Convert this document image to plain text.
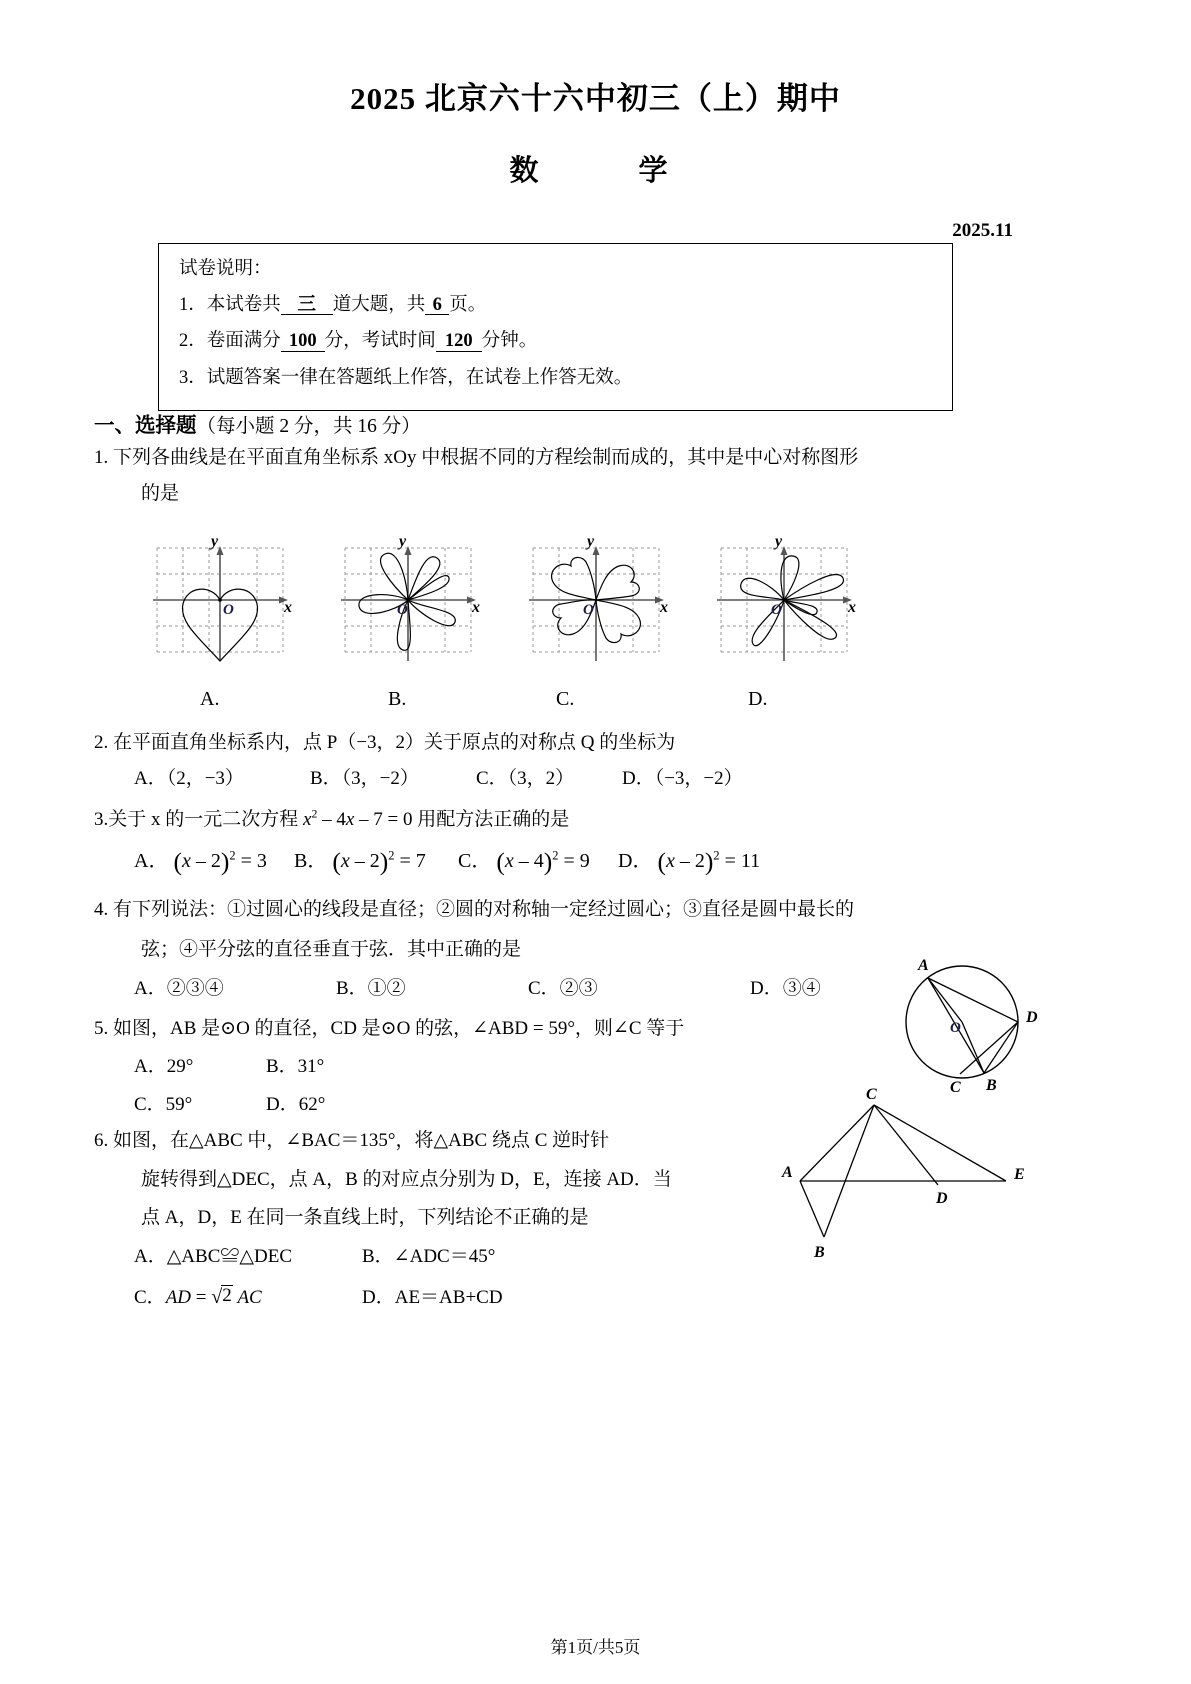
2025 北京六十六中初三（上）期中
数　　学
2025.11
试卷说明：
1．本试卷共 三 道大题，共 6 页。
2．卷面满分 100 分，考试时间 120 分钟。
3．试题答案一律在答题纸上作答，在试卷上作答无效。
一、选择题（每小题 2 分，共 16 分）
1. 下列各曲线是在平面直角坐标系 xOy 中根据不同的方程绘制而成的，其中是中心对称图形
的是
O
y
x	O
y
x	O
y
x	O
y
x
A.	B.	C.	D.
2. 在平面直角坐标系内，点 P（−3，2）关于原点的对称点 Q 的坐标为
A．（2，−3）	B．（3，−2）	C．（3，2）	D．（−3，−2）
3.关于 x 的一元二次方程 $x^2 - 4x - 7 = 0$ 用配方法正确的是
A． (x – 2)$^2$ = 3 B． (x – 2)$^2$ = 7 C． (x – 4)$^2$ = 9 D． (x – 2)$^2$ = 11
4. 有下列说法：①过圆心的线段是直径；②圆的对称轴一定经过圆心；③直径是圆中最长的
弦；④平分弦的直径垂直于弦．其中正确的是
A．②③④	B．①②	C．②③	D．③④
5. 如图，AB 是⊙O 的直径，CD 是⊙O 的弦，∠ABD = 59°，则∠C 等于
A．29°	B．31°
C．59°	D．62°
A
O
D
B
C
6. 如图，在△ABC 中，∠BAC＝135°，将△ABC 绕点 C 逆时针
旋转得到△DEC，点 A，B 的对应点分别为 D，E，连接 AD．当
点 A，D，E 在同一条直线上时，下列结论不正确的是
A．△ABC≌△DEC	B．∠ADC＝45°
C．AD = √2 AC	D．AE＝AB+CD
C
A
D
E
B
第1页/共5页
